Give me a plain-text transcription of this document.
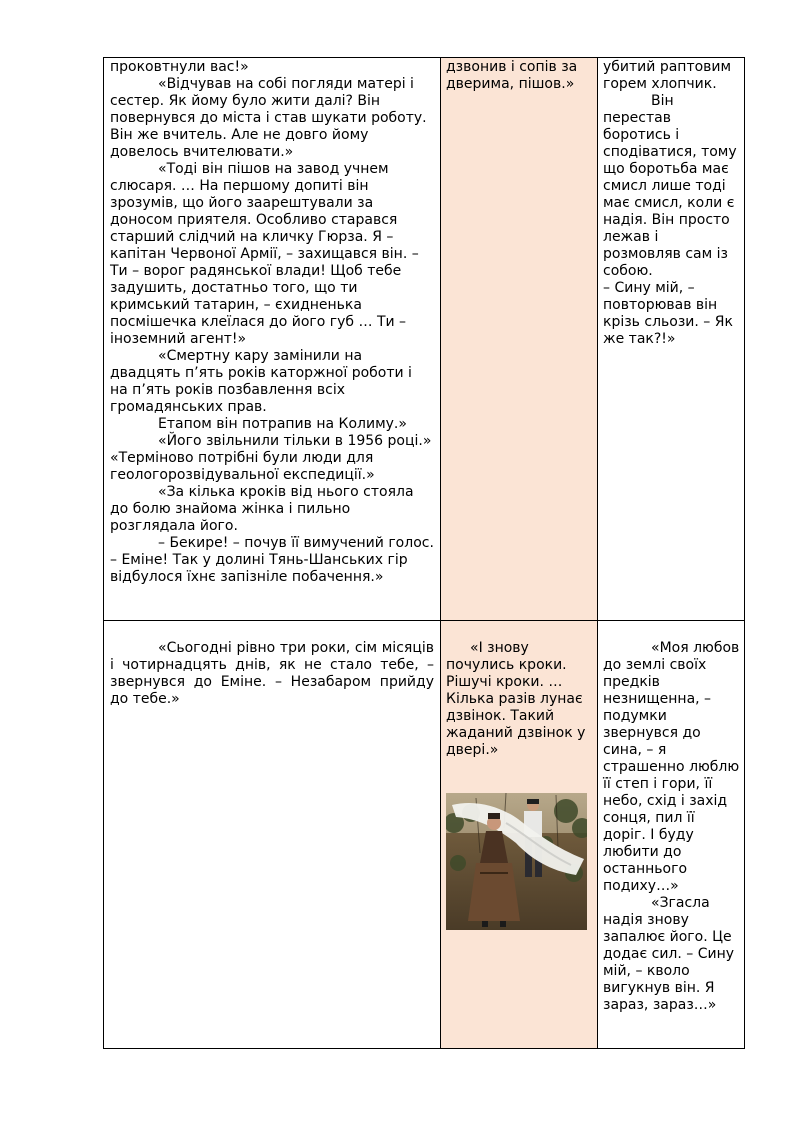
проковтнули вас!»

«Відчував на собі погляди матері і сестер. Як йому було жити далі? Він повернувся до міста і став шукати роботу. Він же вчитель. Але не довго йому довелось вчителювати.»

«Тоді він пішов на завод учнем слюсаря. … На першому допиті він зрозумів, що його заарештували за доносом приятеля. Особливо старався старший слідчий на кличку Гюрза. Я – капітан Червоної Армії, – захищався він. – Ти – ворог радянської влади! Щоб тебе задушить, достатньо того, що ти кримський татарин, – єхидненька посмішечка клеїлася до його губ … Ти – іноземний агент!»

«Смертну кару замінили на двадцять п’ять років каторжної роботи і на п’ять років позбавлення всіх громадянських прав.

Етапом він потрапив на Колиму.»

«Його звільнили тільки в 1956 році.» «Терміново потрібні були люди для геологорозвідувальної експедиції.»

«За кілька кроків від нього стояла до болю знайома жінка і пильно розглядала його.

– Бекире! – почув її вимучений голос. – Еміне! Так у долині Тянь-Шанських гір відбулося їхнє запізніле побачення.»

дзвонив і сопів за дверима, пішов.»

убитий раптовим горем хлопчик.

Він перестав боротись і сподіватися, тому що боротьба має смисл лише тоді має смисл, коли є надія. Він просто лежав і розмовляв сам із собою.

– Сину мій, – повторював він крізь сльози. – Як же так?!»

«Сьогодні рівно три роки, сім місяців і чотирнадцять днів, як не стало тебе, – звернувся до Еміне. – Незабаром прийду до тебе.»

«І знову почулись кроки. Рішучі кроки. … Кілька разів лунає дзвінок. Такий жаданий дзвінок у двері.»

«Моя любов до землі своїх предків незнищенна, – подумки звернувся до сина, – я страшенно люблю її степ і гори, її небо, схід і захід сонця, пил її доріг. І буду любити до останнього подиху…»

«Згасла надія знову запалює його. Це додає сил. – Сину мій, – кволо вигукнув він. Я зараз, зараз…»
